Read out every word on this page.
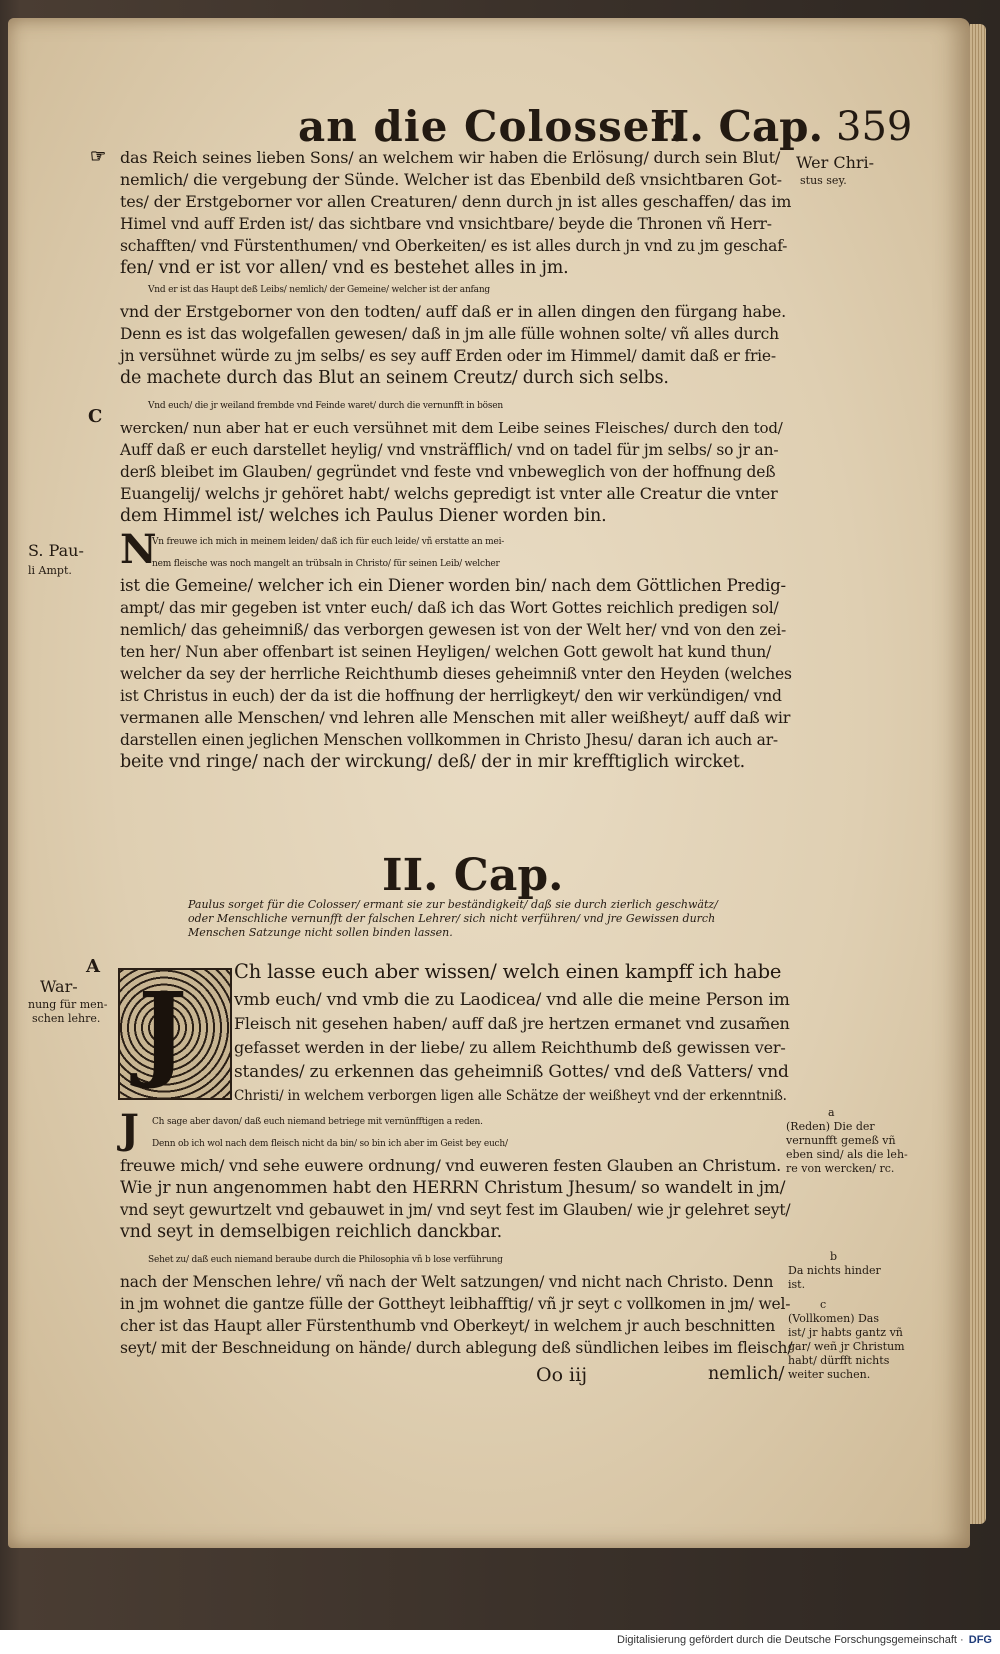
an die Colosser.
II. Cap. 359
☞
C
A
das Reich seines lieben Sons/ an welchem wir haben die Erlösung/ durch sein Blut/
nemlich/ die vergebung der Sünde. Welcher ist das Ebenbild deß vnsichtbaren Got-
tes/ der Erstgeborner vor allen Creaturen/ denn durch jn ist alles geschaffen/ das im
Himel vnd auff Erden ist/ das sichtbare vnd vnsichtbare/ beyde die Thronen vñ Herr-
schafften/ vnd Fürstenthumen/ vnd Oberkeiten/ es ist alles durch jn vnd zu jm geschaf-
fen/ vnd er ist vor allen/ vnd es bestehet alles in jm.
Vnd er ist das Haupt deß Leibs/ nemlich/ der Gemeine/ welcher ist der anfang
vnd der Erstgeborner von den todten/ auff daß er in allen dingen den fürgang habe.
Denn es ist das wolgefallen gewesen/ daß in jm alle fülle wohnen solte/ vñ alles durch
jn versühnet würde zu jm selbs/ es sey auff Erden oder im Himmel/ damit daß er frie-
de machete durch das Blut an seinem Creutz/ durch sich selbs.
Vnd euch/ die jr weiland frembde vnd Feinde waret/ durch die vernunfft in bösen
wercken/ nun aber hat er euch versühnet mit dem Leibe seines Fleisches/ durch den tod/
Auff daß er euch darstellet heylig/ vnd vnsträfflich/ vnd on tadel für jm selbs/ so jr an-
derß bleibet im Glauben/ gegründet vnd feste vnd vnbeweglich von der hoffnung deß
Euangelij/ welchs jr gehöret habt/ welchs gepredigt ist vnter alle Creatur die vnter
dem Himmel ist/ welches ich Paulus Diener worden bin.
N
Vn freuwe ich mich in meinem leiden/ daß ich für euch leide/ vñ erstatte an mei-
nem fleische was noch mangelt an trübsaln in Christo/ für seinen Leib/ welcher
ist die Gemeine/ welcher ich ein Diener worden bin/ nach dem Göttlichen Predig-
ampt/ das mir gegeben ist vnter euch/ daß ich das Wort Gottes reichlich predigen sol/
nemlich/ das geheimniß/ das verborgen gewesen ist von der Welt her/ vnd von den zei-
ten her/ Nun aber offenbart ist seinen Heyligen/ welchen Gott gewolt hat kund thun/
welcher da sey der herrliche Reichthumb dieses geheimniß vnter den Heyden (welches
ist Christus in euch) der da ist die hoffnung der herrligkeyt/ den wir verkündigen/ vnd
vermanen alle Menschen/ vnd lehren alle Menschen mit aller weißheyt/ auff daß wir
darstellen einen jeglichen Menschen vollkommen in Christo Jhesu/ daran ich auch ar-
beite vnd ringe/ nach der wirckung/ deß/ der in mir krefftiglich wircket.
II. Cap.
Paulus sorget für die Colosser/ ermant sie zur beständigkeit/ daß sie durch zierlich geschwätz/
oder Menschliche vernunfft der falschen Lehrer/ sich nicht verführen/ vnd jre Gewissen durch
Menschen Satzunge nicht sollen binden lassen.
J Ch lasse euch aber wissen/ welch einen kampff ich habe
vmb euch/ vnd vmb die zu Laodicea/ vnd alle die meine Person im
Fleisch nit gesehen haben/ auff daß jre hertzen ermanet vnd zusam̃en
gefasset werden in der liebe/ zu allem Reichthumb deß gewissen ver-
standes/ zu erkennen das geheimniß Gottes/ vnd deß Vatters/ vnd
Christi/ in welchem verborgen ligen alle Schätze der weißheyt vnd der erkenntniß.
J Ch sage aber davon/ daß euch niemand betriege mit vernünfftigen a reden.
Denn ob ich wol nach dem fleisch nicht da bin/ so bin ich aber im Geist bey euch/
freuwe mich/ vnd sehe euwere ordnung/ vnd euweren festen Glauben an Christum.
Wie jr nun angenommen habt den HERRN Christum Jhesum/ so wandelt in jm/
vnd seyt gewurtzelt vnd gebauwet in jm/ vnd seyt fest im Glauben/ wie jr gelehret seyt/
vnd seyt in demselbigen reichlich danckbar.
Sehet zu/ daß euch niemand beraube durch die Philosophia vñ b lose verführung
nach der Menschen lehre/ vñ nach der Welt satzungen/ vnd nicht nach Christo. Denn
in jm wohnet die gantze fülle der Gottheyt leibhafftig/ vñ jr seyt c vollkomen in jm/ wel-
cher ist das Haupt aller Fürstenthumb vnd Oberkeyt/ in welchem jr auch beschnitten
seyt/ mit der Beschneidung on hände/ durch ablegung deß sündlichen leibes im fleisch/
Oo iij	nemlich/
Wer Chri-
stus sey.
S. Pau-
li Ampt.
War-
nung für men-
schen lehre.
a
(Reden) Die der
vernunfft gemeß vñ
eben sind/ als die leh-
re von wercken/ rc.
b
Da nichts hinder
ist.
c
(Vollkomen) Das
ist/ jr habts gantz vñ
gar/ weñ jr Christum
habt/ dürfft nichts
weiter suchen.
Digitalisierung gefördert durch die Deutsche Forschungsgemeinschaft · DFG
